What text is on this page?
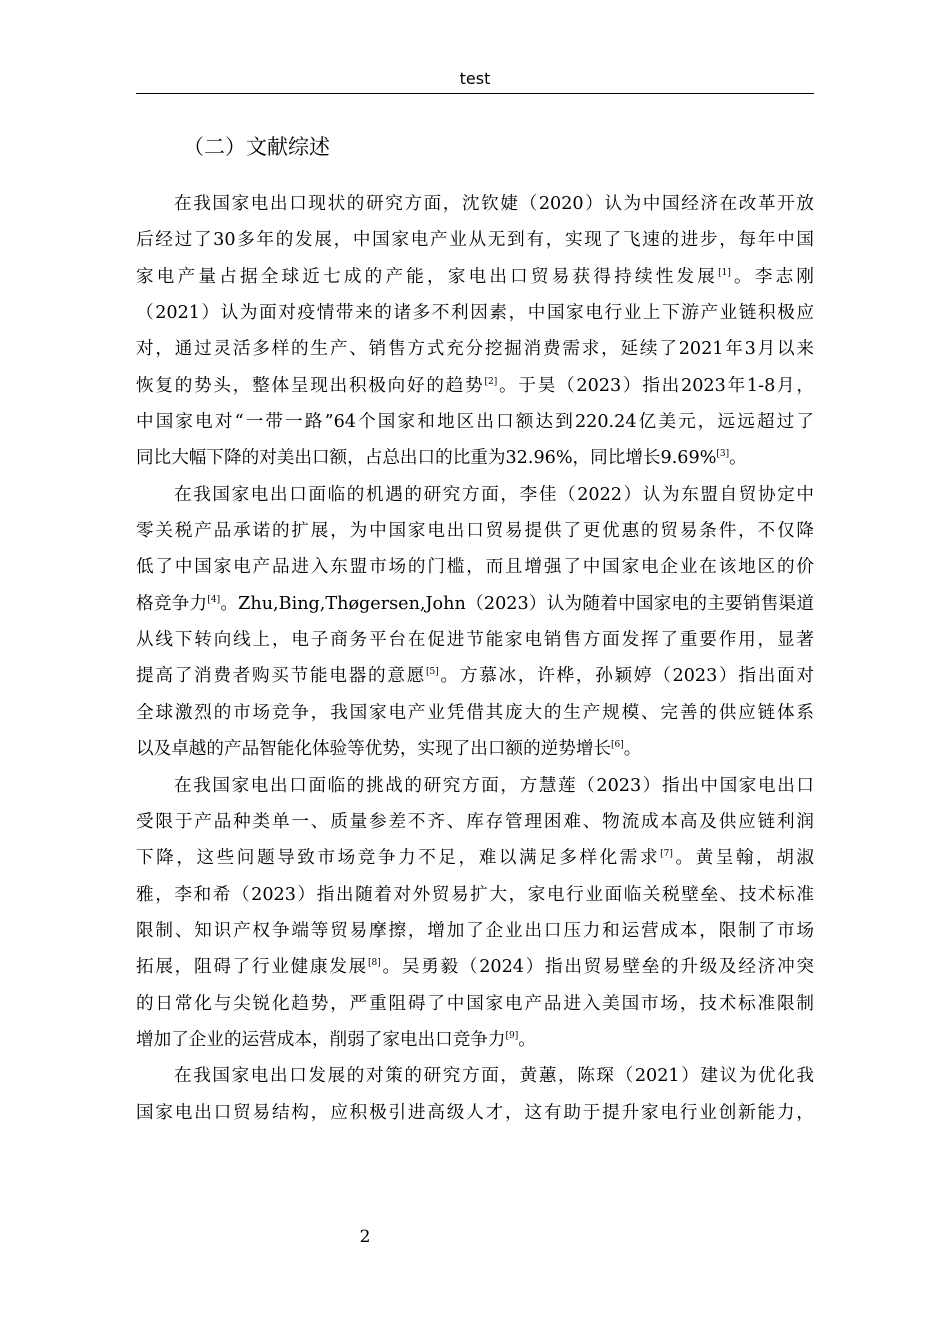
test
（二）文献综述
在我国家电出口现状的研究方面，沈钦婕（2020）认为中国经济在改革开放
后经过了30多年的发展，中国家电产业从无到有，实现了飞速的进步，每年中国
家电产量占据全球近七成的产能，家电出口贸易获得持续性发展[1]。李志刚
（2021）认为面对疫情带来的诸多不利因素，中国家电行业上下游产业链积极应
对，通过灵活多样的生产、销售方式充分挖掘消费需求，延续了2021年3月以来
恢复的势头，整体呈现出积极向好的趋势[2]。于昊（2023）指出2023年1-8月，
中国家电对“一带一路”64个国家和地区出口额达到220.24亿美元，远远超过了
同比大幅下降的对美出口额，占总出口的比重为32.96%，同比增长9.69%[3]。
在我国家电出口面临的机遇的研究方面，李佳（2022）认为东盟自贸协定中
零关税产品承诺的扩展，为中国家电出口贸易提供了更优惠的贸易条件，不仅降
低了中国家电产品进入东盟市场的门槛，而且增强了中国家电企业在该地区的价
格竞争力[4]。Zhu,Bing,Thøgersen,John（2023）认为随着中国家电的主要销售渠道
从线下转向线上，电子商务平台在促进节能家电销售方面发挥了重要作用，显著
提高了消费者购买节能电器的意愿[5]。方慕冰，许桦，孙颖婷（2023）指出面对
全球激烈的市场竞争，我国家电产业凭借其庞大的生产规模、完善的供应链体系
以及卓越的产品智能化体验等优势，实现了出口额的逆势增长[6]。
在我国家电出口面临的挑战的研究方面，方慧莲（2023）指出中国家电出口
受限于产品种类单一、质量参差不齐、库存管理困难、物流成本高及供应链利润
下降，这些问题导致市场竞争力不足，难以满足多样化需求[7]。黄呈翰，胡淑
雅，李和希（2023）指出随着对外贸易扩大，家电行业面临关税壁垒、技术标准
限制、知识产权争端等贸易摩擦，增加了企业出口压力和运营成本，限制了市场
拓展，阻碍了行业健康发展[8]。吴勇毅（2024）指出贸易壁垒的升级及经济冲突
的日常化与尖锐化趋势，严重阻碍了中国家电产品进入美国市场，技术标准限制
增加了企业的运营成本，削弱了家电出口竞争力[9]。
在我国家电出口发展的对策的研究方面，黄蕙，陈琛（2021）建议为优化我
国家电出口贸易结构，应积极引进高级人才，这有助于提升家电行业创新能力，
2
